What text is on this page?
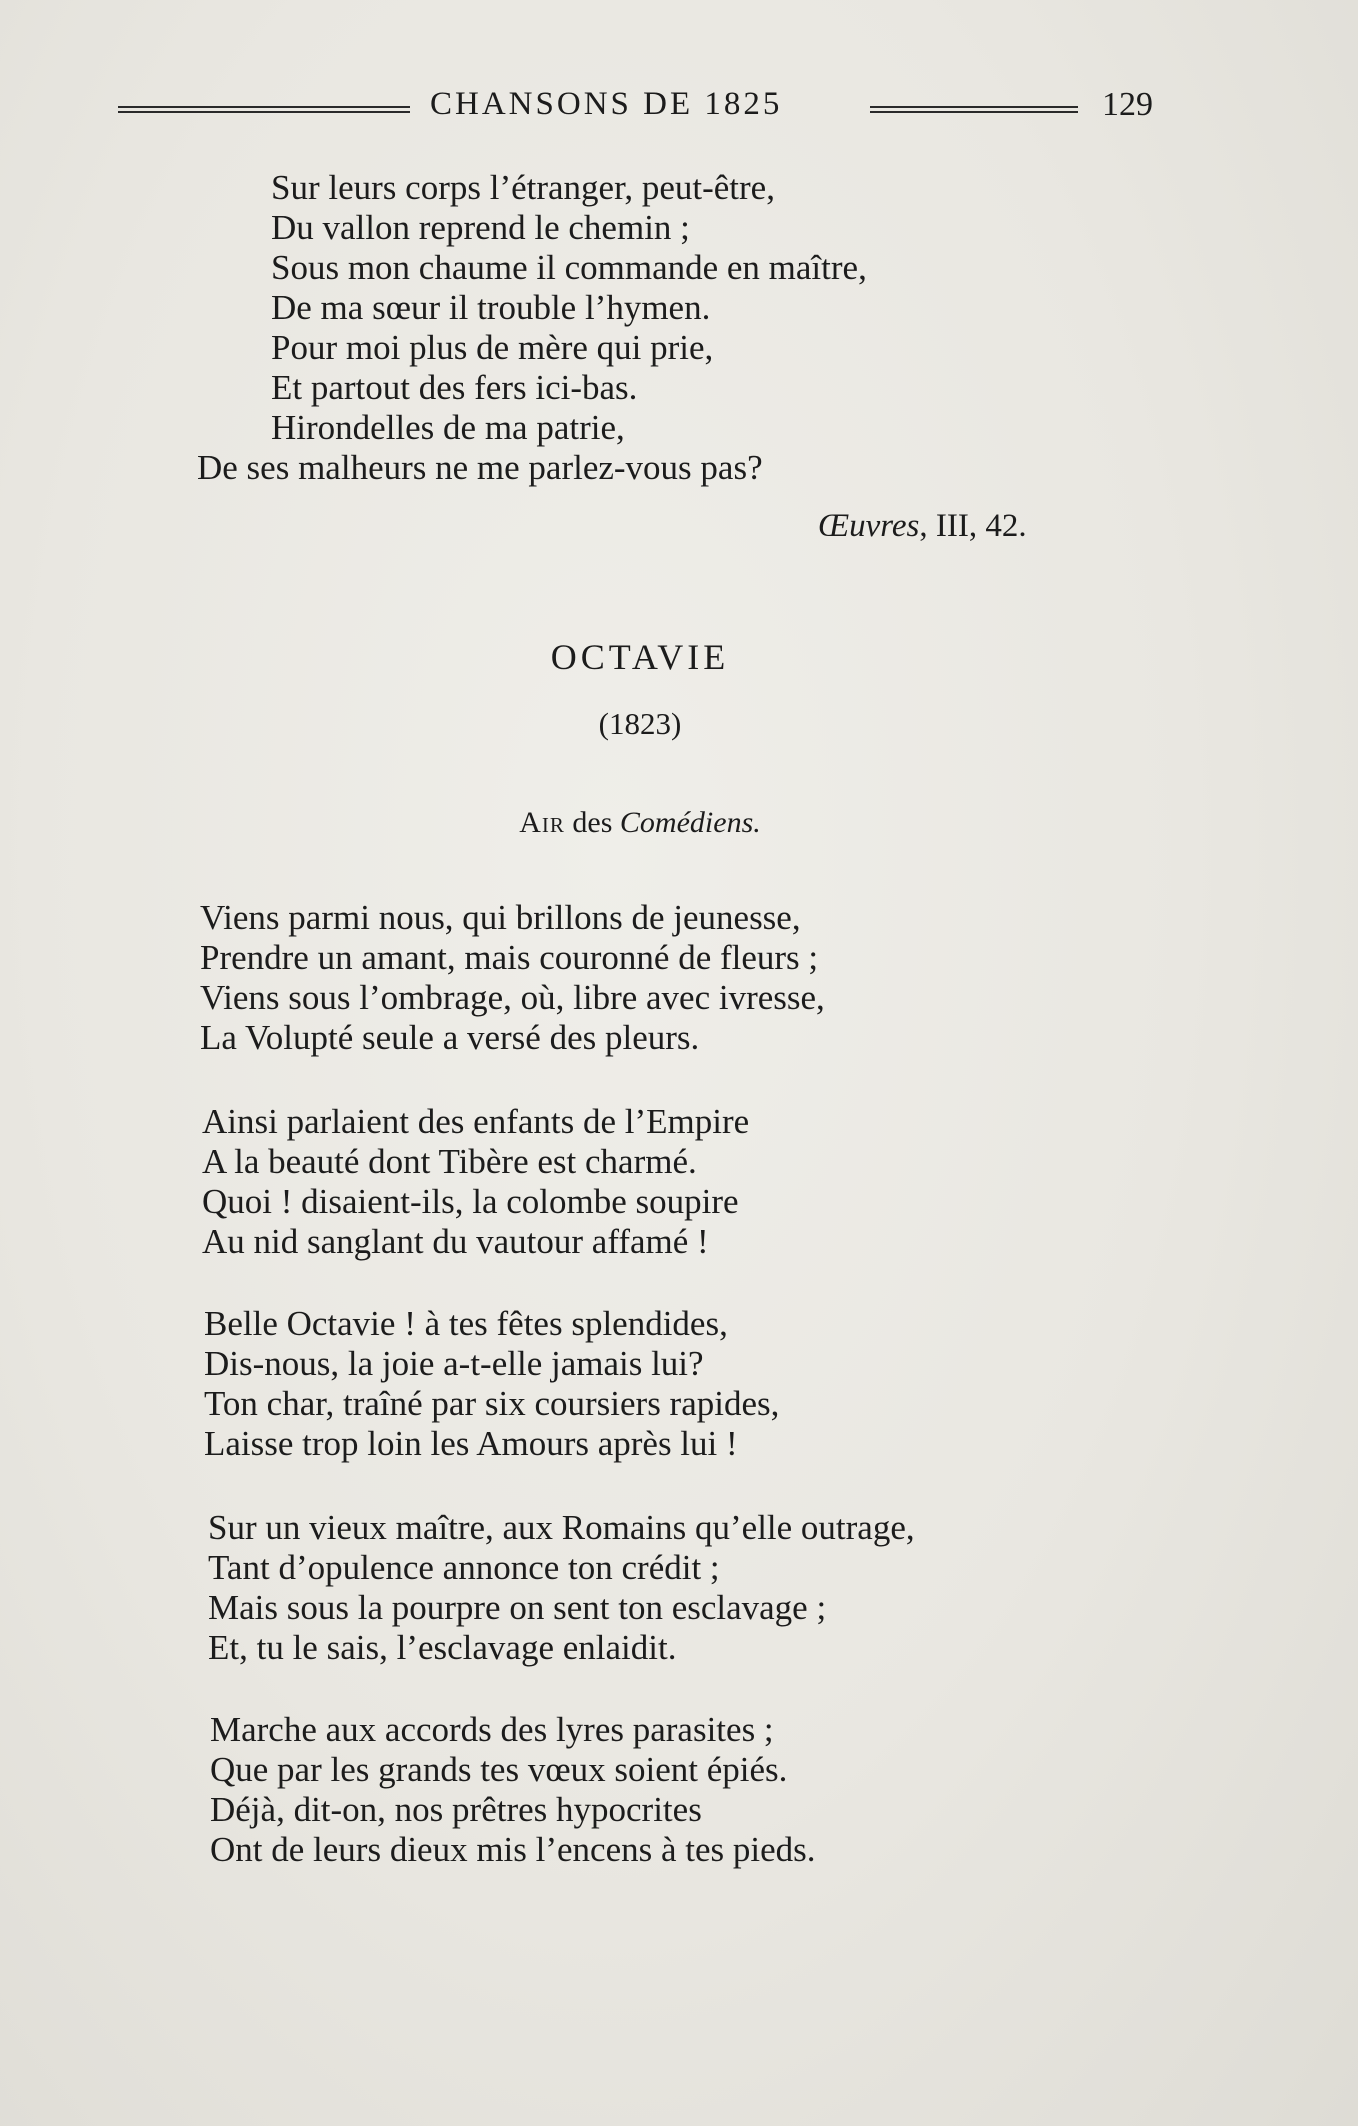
CHANSONS DE 1825	129
Sur leurs corps l’étranger, peut-être,
Du vallon reprend le chemin ;
Sous mon chaume il commande en maître,
De ma sœur il trouble l’hymen.
Pour moi plus de mère qui prie,
Et partout des fers ici-bas.
Hirondelles de ma patrie,
De ses malheurs ne me parlez-vous pas?
Œuvres, III, 42.
OCTAVIE
(1823)
Air des Comédiens.
Viens parmi nous, qui brillons de jeunesse,
Prendre un amant, mais couronné de fleurs ;
Viens sous l’ombrage, où, libre avec ivresse,
La Volupté seule a versé des pleurs.
Ainsi parlaient des enfants de l’Empire
A la beauté dont Tibère est charmé.
Quoi ! disaient-ils, la colombe soupire
Au nid sanglant du vautour affamé !
Belle Octavie ! à tes fêtes splendides,
Dis-nous, la joie a-t-elle jamais lui?
Ton char, traîné par six coursiers rapides,
Laisse trop loin les Amours après lui !
Sur un vieux maître, aux Romains qu’elle outrage,
Tant d’opulence annonce ton crédit ;
Mais sous la pourpre on sent ton esclavage ;
Et, tu le sais, l’esclavage enlaidit.
Marche aux accords des lyres parasites ;
Que par les grands tes vœux soient épiés.
Déjà, dit-on, nos prêtres hypocrites
Ont de leurs dieux mis l’encens à tes pieds.
